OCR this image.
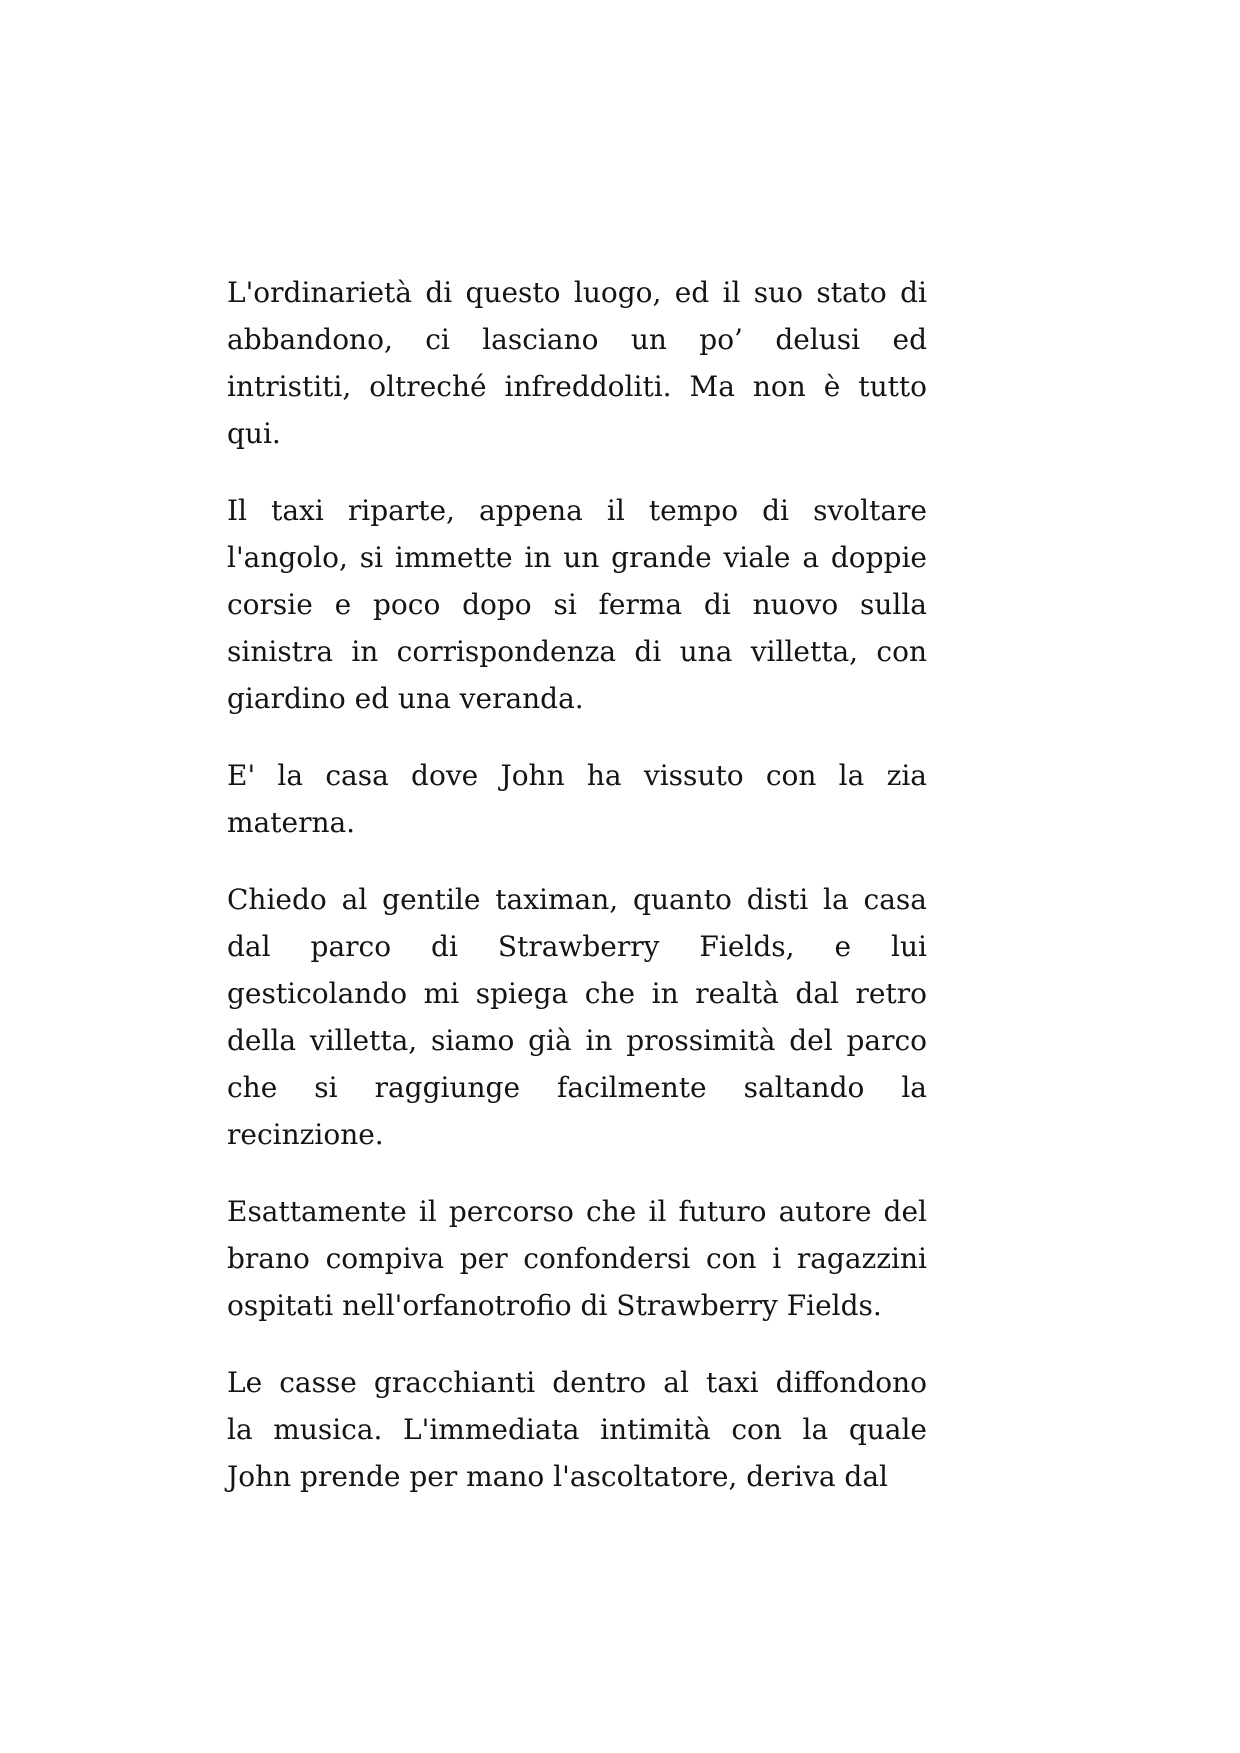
L'ordinarietà di questo luogo, ed il suo stato di
abbandono, ci lasciano un po’ delusi ed
intristiti, oltreché infreddoliti. Ma non è tutto
qui.
Il taxi riparte, appena il tempo di svoltare
l'angolo, si immette in un grande viale a doppie
corsie e poco dopo si ferma di nuovo sulla
sinistra in corrispondenza di una villetta, con
giardino ed una veranda.
E' la casa dove John ha vissuto con la zia
materna.
Chiedo al gentile taximan, quanto disti la casa
dal parco di Strawberry Fields, e lui
gesticolando mi spiega che in realtà dal retro
della villetta, siamo già in prossimità del parco
che si raggiunge facilmente saltando la
recinzione.
Esattamente il percorso che il futuro autore del
brano compiva per confondersi con i ragazzini
ospitati nell'orfanotrofio di Strawberry Fields.
Le casse gracchianti dentro al taxi diffondono
la musica. L'immediata intimità con la quale
John prende per mano l'ascoltatore, deriva dal
